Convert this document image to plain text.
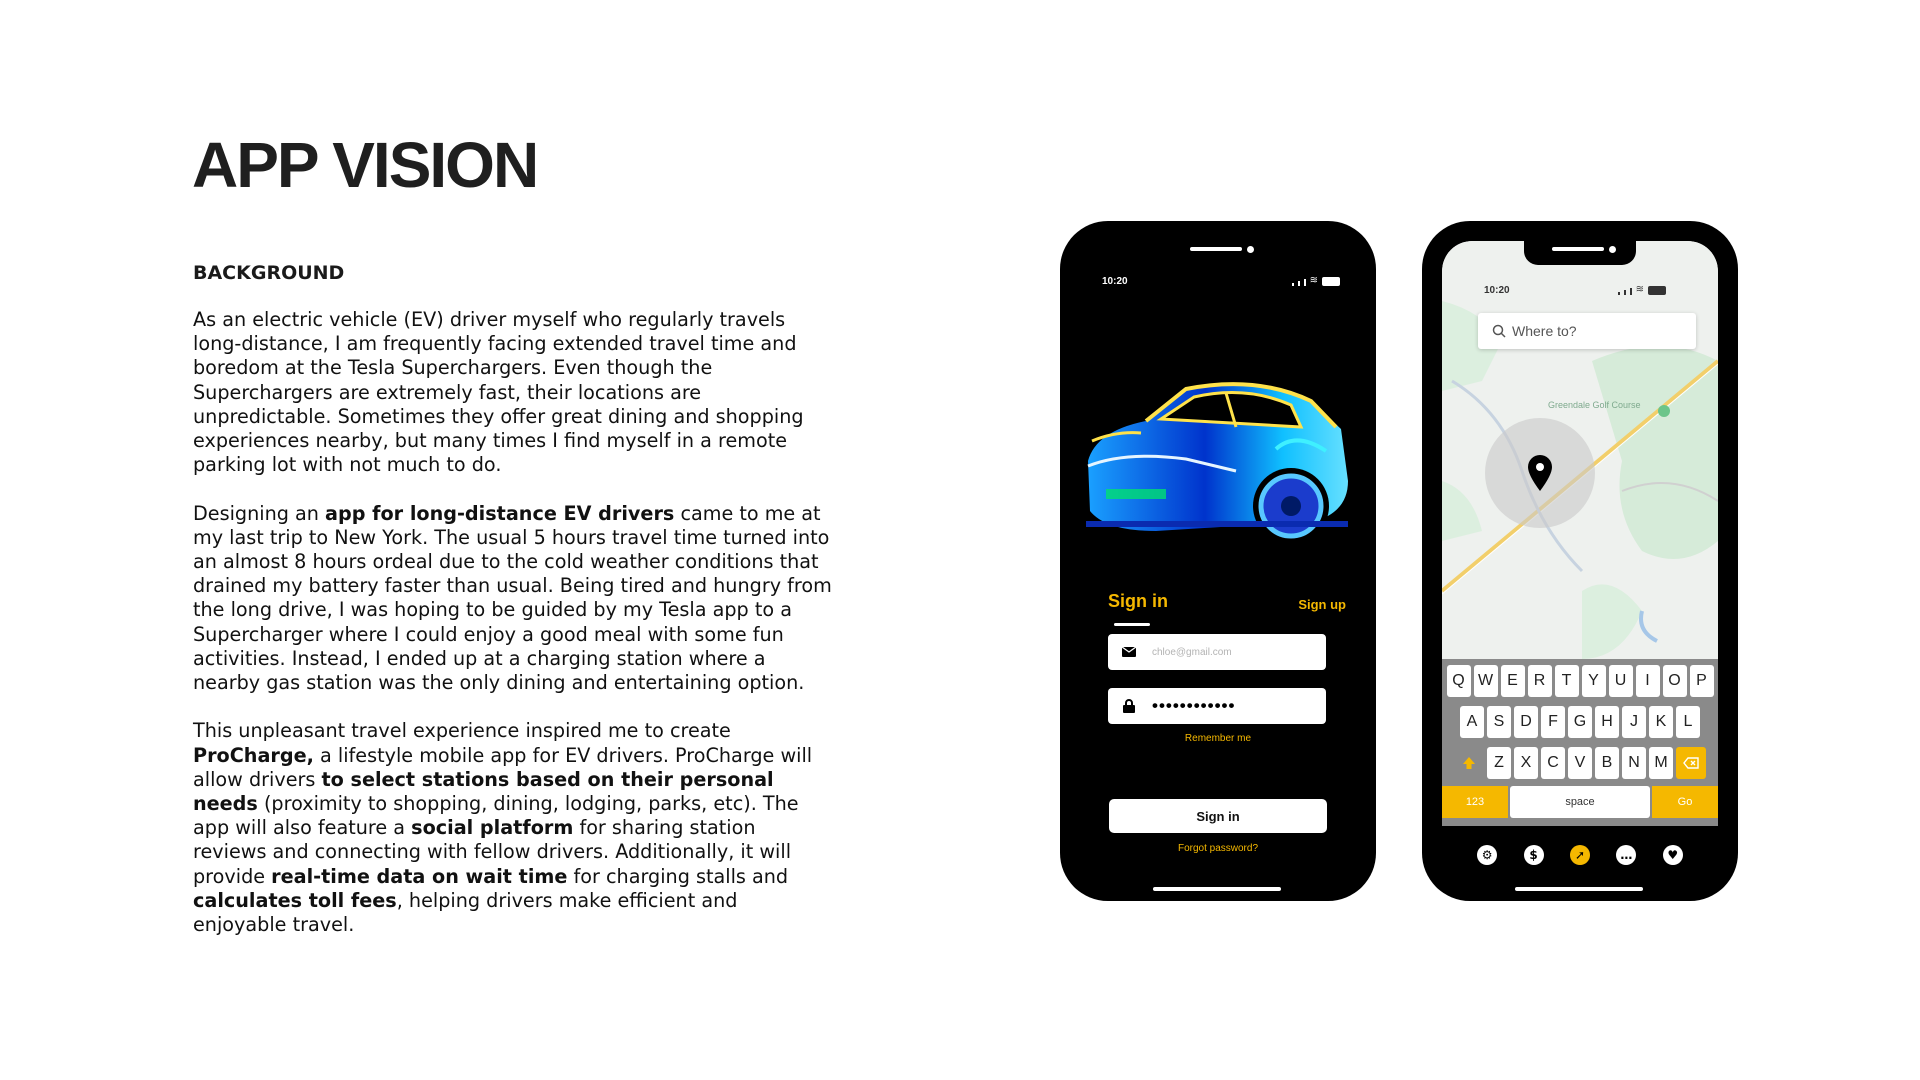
APP VISION
BACKGROUND

As an electric vehicle (EV) driver myself who regularly travels long-distance, I am frequently facing extended travel time and boredom at the Tesla Superchargers. Even though the Superchargers are extremely fast, their locations are unpredictable. Sometimes they offer great dining and shopping experiences nearby, but many times I find myself in a remote parking lot with not much to do.

Designing an app for long-distance EV drivers came to me at my last trip to New York. The usual 5 hours travel time turned into an almost 8 hours ordeal due to the cold weather conditions that drained my battery faster than usual. Being tired and hungry from the long drive, I was hoping to be guided by my Tesla app to a Supercharger where I could enjoy a good meal with some fun activities. Instead, I ended up at a charging station where a nearby gas station was the only dining and entertaining option.

This unpleasant travel experience inspired me to create ProCharge, a lifestyle mobile app for EV drivers. ProCharge will allow drivers to select stations based on their personal needs (proximity to shopping, dining, lodging, parks, etc). The app will also feature a social platform for sharing station reviews and connecting with fellow drivers. Additionally, it will provide real-time data on wait time for charging stalls and calculates toll fees, helping drivers make efficient and enjoyable travel.

10:20	≋
Sign in	Sign up
chloe@gmail.com
••••••••••••
Remember me
Sign in
Forgot password?
10:20	≋
Greendale Golf Course
Where to?
Q W E R	T	Y U	I	O P
A	S D	F G H	J	K	L
Z	X C V	B N M
123	space	Go
⚙	$	➚	…	♥
